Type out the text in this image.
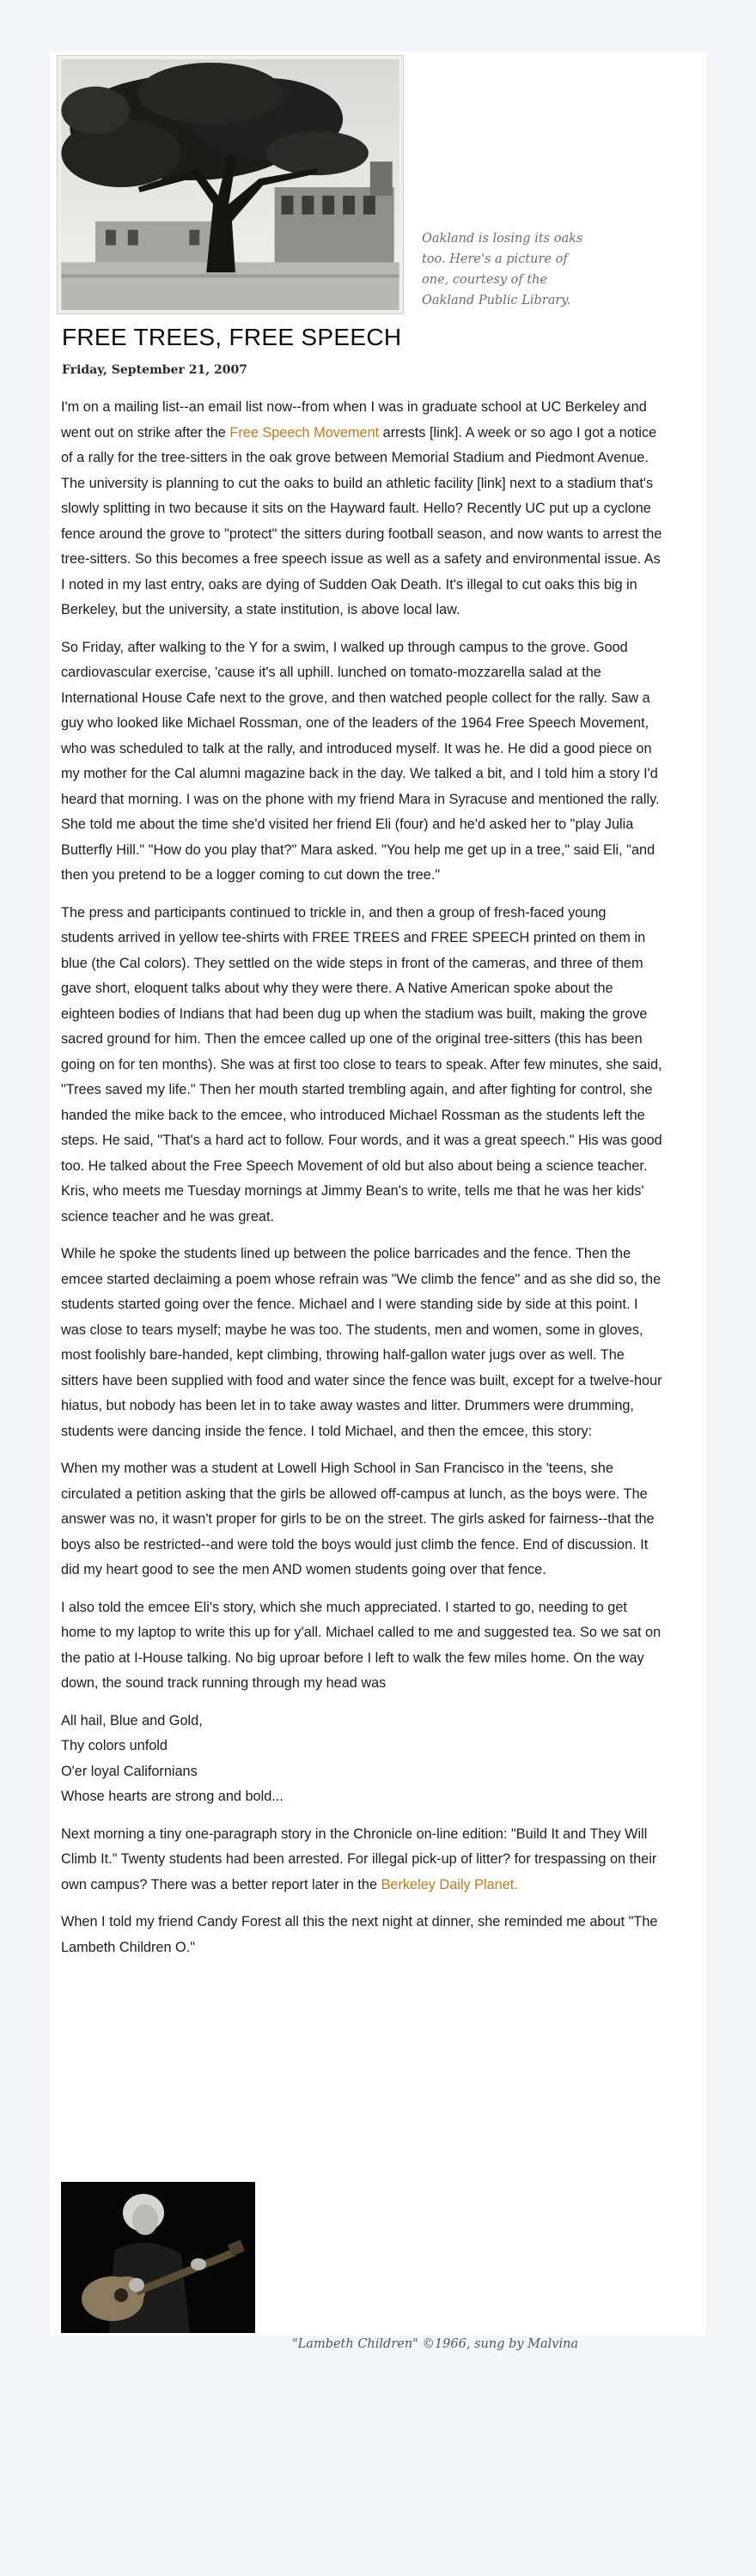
Oakland is losing its oaks too. Here's a picture of one, courtesy of the Oakland Public Library.
FREE TREES, FREE SPEECH
Friday, September 21, 2007

I'm on a mailing list--an email list now--from when I was in graduate school at UC Berkeley and went out on strike after the Free Speech Movement arrests [link]. A week or so ago I got a notice of a rally for the tree-sitters in the oak grove between Memorial Stadium and Piedmont Avenue. The university is planning to cut the oaks to build an athletic facility [link] next to a stadium that's slowly splitting in two because it sits on the Hayward fault. Hello? Recently UC put up a cyclone fence around the grove to "protect" the sitters during football season, and now wants to arrest the tree-sitters. So this becomes a free speech issue as well as a safety and environmental issue. As I noted in my last entry, oaks are dying of Sudden Oak Death. It's illegal to cut oaks this big in Berkeley, but the university, a state institution, is above local law.

So Friday, after walking to the Y for a swim, I walked up through campus to the grove. Good cardiovascular exercise, 'cause it's all uphill. lunched on tomato-mozzarella salad at the International House Cafe next to the grove, and then watched people collect for the rally. Saw a guy who looked like Michael Rossman, one of the leaders of the 1964 Free Speech Movement, who was scheduled to talk at the rally, and introduced myself. It was he. He did a good piece on my mother for the Cal alumni magazine back in the day. We talked a bit, and I told him a story I'd heard that morning. I was on the phone with my friend Mara in Syracuse and mentioned the rally. She told me about the time she'd visited her friend Eli (four) and he'd asked her to "play Julia Butterfly Hill." "How do you play that?" Mara asked. "You help me get up in a tree," said Eli, "and then you pretend to be a logger coming to cut down the tree."

The press and participants continued to trickle in, and then a group of fresh-faced young students arrived in yellow tee-shirts with FREE TREES and FREE SPEECH printed on them in blue (the Cal colors). They settled on the wide steps in front of the cameras, and three of them gave short, eloquent talks about why they were there. A Native American spoke about the eighteen bodies of Indians that had been dug up when the stadium was built, making the grove sacred ground for him. Then the emcee called up one of the original tree-sitters (this has been going on for ten months). She was at first too close to tears to speak. After few minutes, she said, "Trees saved my life." Then her mouth started trembling again, and after fighting for control, she handed the mike back to the emcee, who introduced Michael Rossman as the students left the steps. He said, "That's a hard act to follow. Four words, and it was a great speech." His was good too. He talked about the Free Speech Movement of old but also about being a science teacher. Kris, who meets me Tuesday mornings at Jimmy Bean's to write, tells me that he was her kids' science teacher and he was great.

While he spoke the students lined up between the police barricades and the fence. Then the emcee started declaiming a poem whose refrain was "We climb the fence" and as she did so, the students started going over the fence. Michael and I were standing side by side at this point. I was close to tears myself; maybe he was too. The students, men and women, some in gloves, most foolishly bare-handed, kept climbing, throwing half-gallon water jugs over as well. The sitters have been supplied with food and water since the fence was built, except for a twelve-hour hiatus, but nobody has been let in to take away wastes and litter. Drummers were drumming, students were dancing inside the fence. I told Michael, and then the emcee, this story:

When my mother was a student at Lowell High School in San Francisco in the 'teens, she circulated a petition asking that the girls be allowed off-campus at lunch, as the boys were. The answer was no, it wasn't proper for girls to be on the street. The girls asked for fairness--that the boys also be restricted--and were told the boys would just climb the fence. End of discussion. It did my heart good to see the men AND women students going over that fence.

I also told the emcee Eli's story, which she much appreciated. I started to go, needing to get home to my laptop to write this up for y'all. Michael called to me and suggested tea. So we sat on the patio at I-House talking. No big uproar before I left to walk the few miles home. On the way down, the sound track running through my head was

All hail, Blue and Gold,
Thy colors unfold
O'er loyal Californians
Whose hearts are strong and bold...

Next morning a tiny one-paragraph story in the Chronicle on-line edition: "Build It and They Will Climb It." Twenty students had been arrested. For illegal pick-up of litter? for trespassing on their own campus? There was a better report later in the Berkeley Daily Planet.

When I told my friend Candy Forest all this the next night at dinner, she reminded me about "The Lambeth Children O."

"Lambeth Children" ©1966, sung by Malvina
